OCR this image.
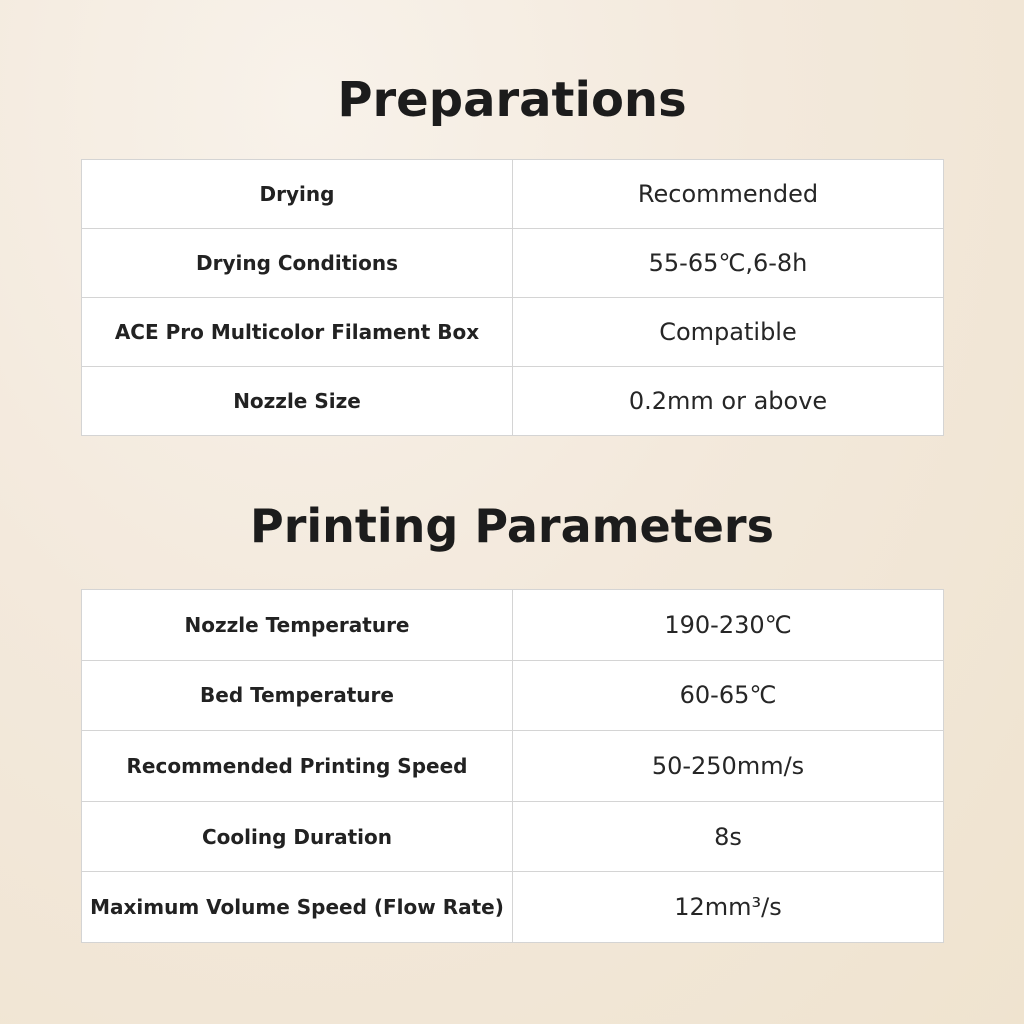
Preparations
Drying	Recommended
Drying Conditions	55-65℃,6-8h
ACE Pro Multicolor Filament Box	Compatible
Nozzle Size	0.2mm or above
Printing Parameters
Nozzle Temperature	190-230℃
Bed Temperature	60-65℃
Recommended Printing Speed	50-250mm/s
Cooling Duration	8s
Maximum Volume Speed (Flow Rate)	12mm³/s
